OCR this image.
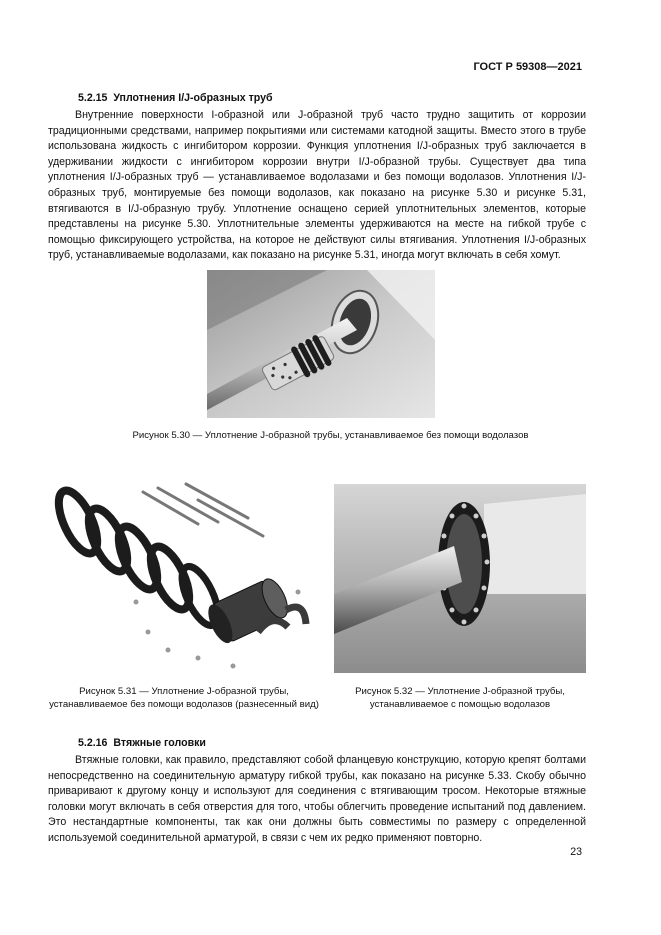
ГОСТ Р 59308—2021
5.2.15 Уплотнения I/J-образных труб

Внутренние поверхности I-образной или J-образной труб часто трудно защитить от коррозии традиционными средствами, например покрытиями или системами катодной защиты. Вместо этого в трубе использована жидкость с ингибитором коррозии. Функция уплотнения I/J-образных труб заключается в удерживании жидкости с ингибитором коррозии внутри I/J-образной трубы. Существует два типа уплотнения I/J-образных труб — устанавливаемое водолазами и без помощи водолазов. Уплотнения I/J-образных труб, монтируемые без помощи водолазов, как показано на рисунке 5.30 и рисунке 5.31, втягиваются в I/J-образную трубу. Уплотнение оснащено серией уплотнительных элементов, которые представлены на рисунке 5.30. Уплотнительные элементы удерживаются на месте на гибкой трубе с помощью фиксирующего устройства, на которое не действуют силы втягивания. Уплотнения I/J-образных труб, устанавливаемые водолазами, как показано на рисунке 5.31, иногда могут включать в себя хомут.

Рисунок 5.30 — Уплотнение J-образной трубы, устанавливаемое без помощи водолазов
Рисунок 5.31 — Уплотнение J-образной трубы, устанавливаемое без помощи водолазов (разнесенный вид)
Рисунок 5.32 — Уплотнение J-образной трубы, устанавливаемое с помощью водолазов
5.2.16 Втяжные головки

Втяжные головки, как правило, представляют собой фланцевую конструкцию, которую крепят болтами непосредственно на соединительную арматуру гибкой трубы, как показано на рисунке 5.33. Скобу обычно приваривают к другому концу и используют для соединения с втягивающим тросом. Некоторые втяжные головки могут включать в себя отверстия для того, чтобы облегчить проведение испытаний под давлением. Это нестандартные компоненты, так как они должны быть совместимы по размеру с определенной используемой соединительной арматурой, в связи с чем их редко применяют повторно.

23
